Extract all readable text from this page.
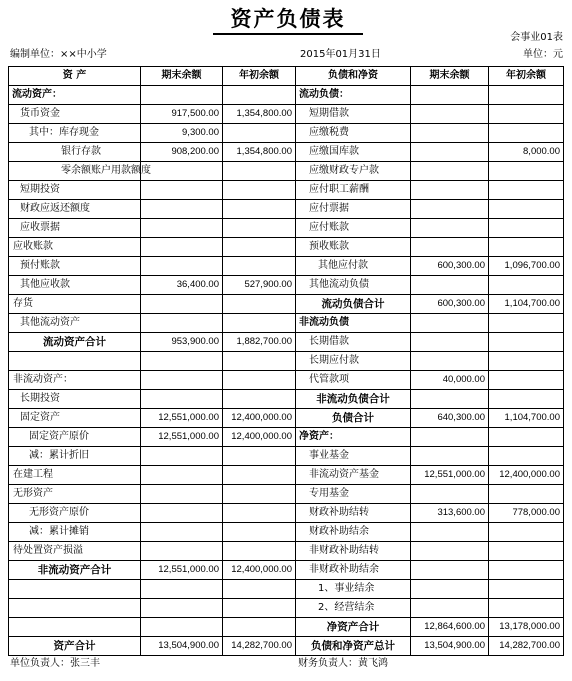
资产负债表
会事业01表
编制单位：××中小学	2015年01月31日	单位：元
资 产	期末余额	年初余额	负债和净资	期末余额	年初余额
流动资产：			流动负债：		
货币资金	917,500.00	1,354,800.00	短期借款		
其中：库存现金	9,300.00		应缴税费		
银行存款	908,200.00	1,354,800.00	应缴国库款		8,000.00
零余额账户用款额度			应缴财政专户款		
短期投资			应付职工薪酬		
财政应返还额度			应付票据		
应收票据			应付账款		
应收账款			预收账款		
预付账款			其他应付款	600,300.00	1,096,700.00
其他应收款	36,400.00	527,900.00	其他流动负债		
存货			流动负债合计	600,300.00	1,104,700.00
其他流动资产			非流动负债		
流动资产合计	953,900.00	1,882,700.00	长期借款		
			长期应付款		
非流动资产：			代管款项	40,000.00	
长期投资			非流动负债合计		
固定资产	12,551,000.00	12,400,000.00	负债合计	640,300.00	1,104,700.00
固定资产原价	12,551,000.00	12,400,000.00	净资产：		
减：累计折旧			事业基金		
在建工程			非流动资产基金	12,551,000.00	12,400,000.00
无形资产			专用基金		
无形资产原价			财政补助结转	313,600.00	778,000.00
减：累计摊销			财政补助结余		
待处置资产损溢			非财政补助结转		
非流动资产合计	12,551,000.00	12,400,000.00	非财政补助结余		
			1、事业结余		
			2、经营结余		
			净资产合计	12,864,600.00	13,178,000.00
资产合计	13,504,900.00	14,282,700.00	负债和净资产总计	13,504,900.00	14,282,700.00
单位负责人：张三丰	财务负责人：黄飞鸿
